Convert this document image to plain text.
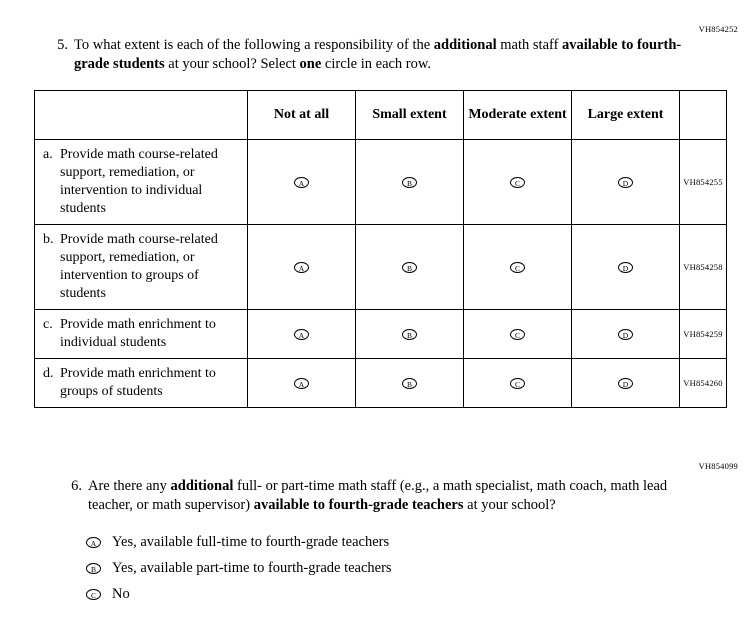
VH854252
5. To what extent is each of the following a responsibility of the additional math staff available to fourth-grade students at your school? Select one circle in each row.
	Not at all	Small extent	Moderate extent	Large extent	

a. Provide math course-related support, remediation, or intervention to individual students	A	B	C	D	VH854255

b. Provide math course-related support, remediation, or intervention to groups of students	A	B	C	D	VH854258

c. Provide math enrichment to individual students	A	B	C	D	VH854259

d. Provide math enrichment to groups of students	A	B	C	D	VH854260
VH854099
6. Are there any additional full- or part-time math staff (e.g., a math specialist, math coach, math lead teacher, or math supervisor) available to fourth-grade teachers at your school?
A	Yes, available full-time to fourth-grade teachers
B	Yes, available part-time to fourth-grade teachers
C	No
